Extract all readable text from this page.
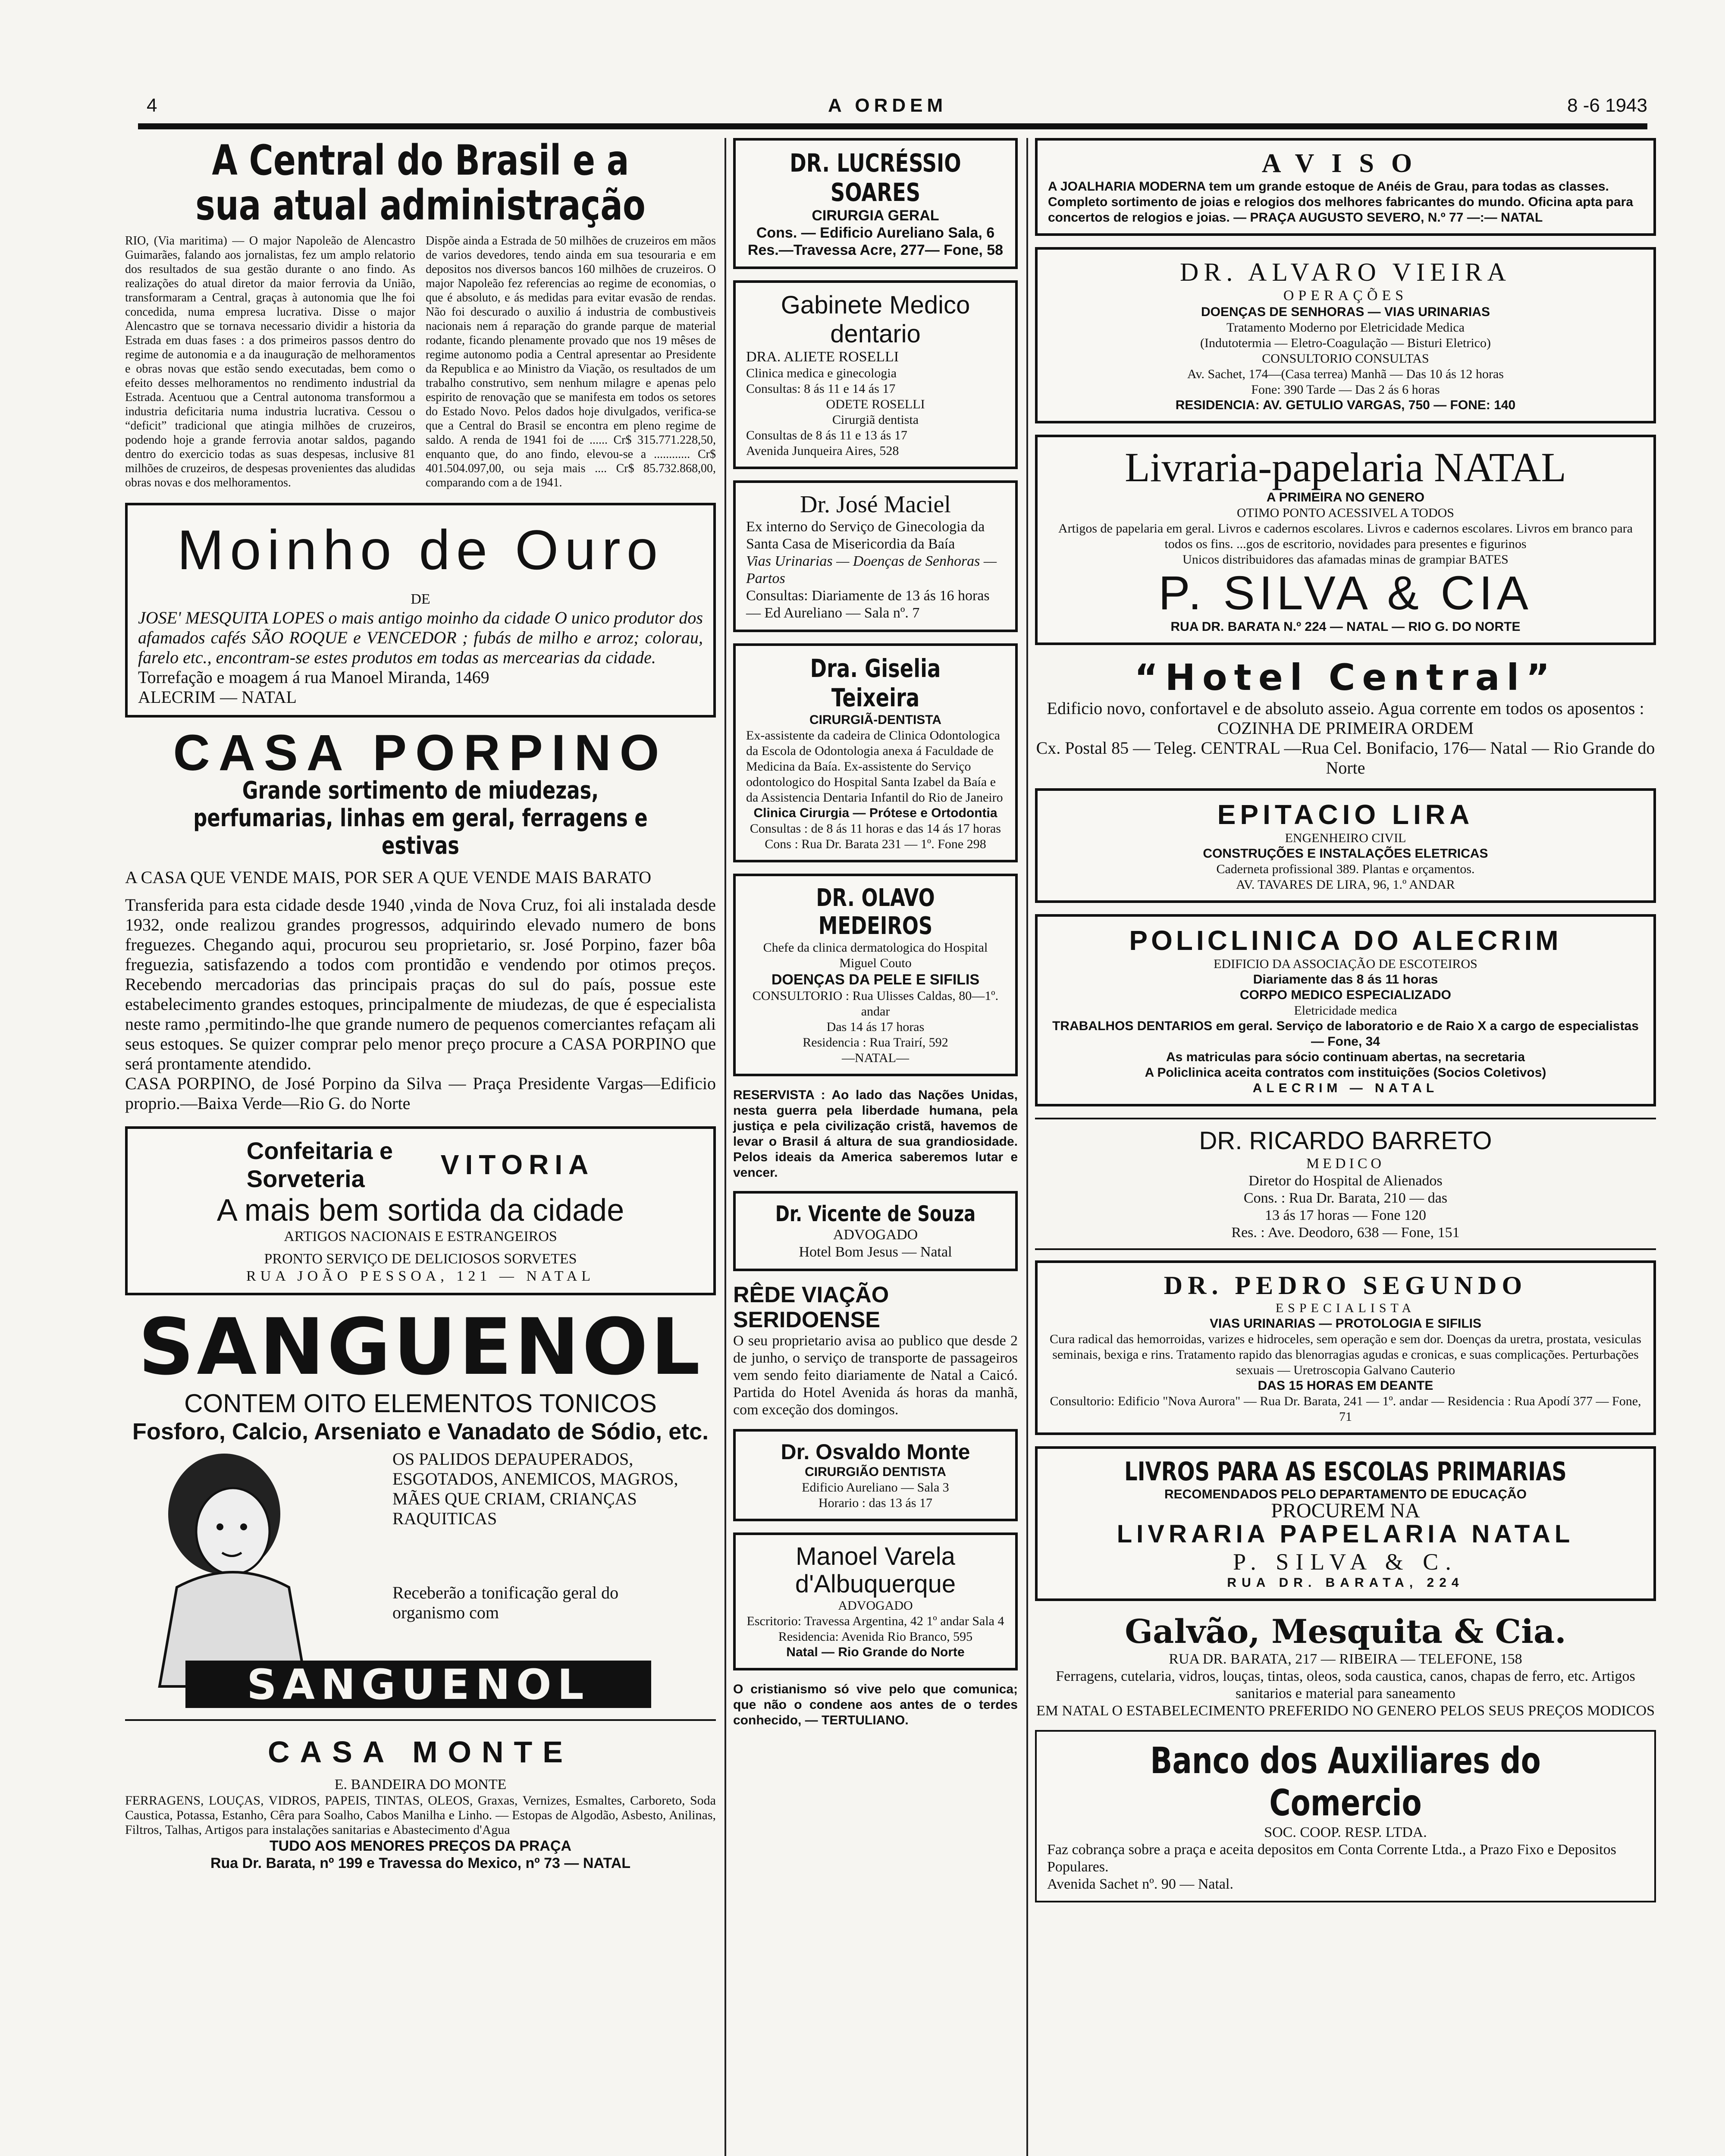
4	A ORDEM	8 -6 1943
A Central do Brasil e a sua atual administração
RIO, (Via maritima) — O major Napoleão de Alencastro Guimarães, falando aos jornalistas, fez um amplo relatorio dos resultados de sua gestão durante o ano findo. As realizações do atual diretor da maior ferrovia da União, transformaram a Central, graças à autonomia que lhe foi concedida, numa empresa lucrativa. Disse o major Alencastro que se tornava necessario dividir a historia da Estrada em duas fases : a dos primeiros passos dentro do regime de autonomia e a da inauguração de melhoramentos e obras novas que estão sendo executadas, bem como o efeito desses melhoramentos no rendimento industrial da Estrada. Acentuou que a Central autonoma transformou a industria deficitaria numa industria lucrativa. Cessou o “deficit” tradicional que atingia milhões de cruzeiros, podendo hoje a grande ferrovia anotar saldos, pagando dentro do exercicio todas as suas despesas, inclusive 81 milhões de cruzeiros, de despesas provenientes das aludidas obras novas e dos melhoramentos.
Dispõe ainda a Estrada de 50 milhões de cruzeiros em mãos de varios devedores, tendo ainda em sua tesouraria e em depositos nos diversos bancos 160 milhões de cruzeiros. O major Napoleão fez referencias ao regime de economias, o que é absoluto, e ás medidas para evitar evasão de rendas. Não foi descurado o auxilio á industria de combustiveis nacionais nem á reparação do grande parque de material rodante, ficando plenamente provado que nos 19 mêses de regime autonomo podia a Central apresentar ao Presidente da Republica e ao Ministro da Viação, os resultados de um trabalho construtivo, sem nenhum milagre e apenas pelo espirito de renovação que se manifesta em todos os setores do Estado Novo. Pelos dados hoje divulgados, verifica-se que a Central do Brasil se encontra em pleno regime de saldo. A renda de 1941 foi de ...... Cr$ 315.771.228,50, enquanto que, do ano findo, elevou-se a ............ Cr$ 401.504.097,00, ou seja mais .... Cr$ 85.732.868,00, comparando com a de 1941.
Moinho de Ouro
DE
JOSE' MESQUITA LOPES o mais antigo moinho da cidade O unico produtor dos afamados cafés SÃO ROQUE e VENCEDOR ; fubás de milho e arroz; colorau, farelo etc., encontram-se estes produtos em todas as mercearias da cidade.
Torrefação e moagem á rua Manoel Miranda, 1469
ALECRIM — NATAL
CASA PORPINO
Grande sortimento de miudezas, perfumarias, linhas em geral, ferragens e estivas
A CASA QUE VENDE MAIS, POR SER A QUE VENDE MAIS BARATO
Transferida para esta cidade desde 1940 ,vinda de Nova Cruz, foi ali instalada desde 1932, onde realizou grandes progressos, adquirindo elevado numero de bons freguezes. Chegando aqui, procurou seu proprietario, sr. José Porpino, fazer bôa freguezia, satisfazendo a todos com prontidão e vendendo por otimos preços. Recebendo mercadorias das principais praças do sul do país, possue este estabelecimento grandes estoques, principalmente de miudezas, de que é especialista neste ramo ,permitindo-lhe que grande numero de pequenos comerciantes refaçam ali seus estoques. Se quizer comprar pelo menor preço procure a CASA PORPINO que será prontamente atendido.
CASA PORPINO, de José Porpino da Silva — Praça Presidente Vargas—Edificio proprio.—Baixa Verde—Rio G. do Norte
Confeitaria e Sorveteria	VITORIA
A mais bem sortida da cidade
ARTIGOS NACIONAIS E ESTRANGEIROS
PRONTO SERVIÇO DE DELICIOSOS SORVETES
RUA JOÃO PESSOA, 121 — NATAL
SANGUENOL
CONTEM OITO ELEMENTOS TONICOS
Fosforo, Calcio, Arseniato e Vanadato de Sódio, etc.
OS PALIDOS DEPAUPERADOS, ESGOTADOS, ANEMICOS, MAGROS, MÃES QUE CRIAM, CRIANÇAS RAQUITICAS
Receberão a tonificação geral do organismo com
SANGUENOL
CASA MONTE
E. BANDEIRA DO MONTE
FERRAGENS, LOUÇAS, VIDROS, PAPEIS, TINTAS, OLEOS, Graxas, Vernizes, Esmaltes, Carboreto, Soda Caustica, Potassa, Estanho, Cêra para Soalho, Cabos Manilha e Linho. — Estopas de Algodão, Asbesto, Anilinas, Filtros, Talhas, Artigos para instalações sanitarias e Abastecimento d'Agua
TUDO AOS MENORES PREÇOS DA PRAÇA
Rua Dr. Barata, nº 199 e Travessa do Mexico, nº 73 — NATAL
DR. LUCRÉSSIO SOARES
CIRURGIA GERAL
Cons. — Edificio Aureliano Sala, 6
Res.—Travessa Acre, 277— Fone, 58
Gabinete Medico dentario
DRA. ALIETE ROSELLI
Clinica medica e ginecologia
Consultas: 8 ás 11 e 14 ás 17
ODETE ROSELLI
Cirurgiã dentista
Consultas de 8 ás 11 e 13 ás 17
Avenida Junqueira Aires, 528
Dr. José Maciel
Ex interno do Serviço de Ginecologia da Santa Casa de Misericordia da Baía
Vias Urinarias — Doenças de Senhoras — Partos
Consultas: Diariamente de 13 ás 16 horas — Ed Aureliano — Sala nº. 7
Dra. Giselia Teixeira
CIRURGIÃ-DENTISTA
Ex-assistente da cadeira de Clinica Odontologica da Escola de Odontologia anexa á Faculdade de Medicina da Baía. Ex-assistente do Serviço odontologico do Hospital Santa Izabel da Baía e da Assistencia Dentaria Infantil do Rio de Janeiro
Clinica Cirurgia — Prótese e Ortodontia
Consultas : de 8 ás 11 horas e das 14 ás 17 horas
Cons : Rua Dr. Barata 231 — 1º. Fone 298
DR. OLAVO MEDEIROS
Chefe da clinica dermatologica do Hospital Miguel Couto
DOENÇAS DA PELE E SIFILIS
CONSULTORIO : Rua Ulisses Caldas, 80—1º. andar
Das 14 ás 17 horas
Residencia : Rua Trairí, 592
—NATAL—
RESERVISTA : Ao lado das Nações Unidas, nesta guerra pela liberdade humana, pela justiça e pela civilização cristã, havemos de levar o Brasil á altura de sua grandiosidade. Pelos ideais da America saberemos lutar e vencer.
Dr. Vicente de Souza
ADVOGADO
Hotel Bom Jesus — Natal
RÊDE VIAÇÃO SERIDOENSE
O seu proprietario avisa ao publico que desde 2 de junho, o serviço de transporte de passageiros vem sendo feito diariamente de Natal a Caicó. Partida do Hotel Avenida ás horas da manhã, com exceção dos domingos.
Dr. Osvaldo Monte
CIRURGIÃO DENTISTA
Edificio Aureliano — Sala 3
Horario : das 13 ás 17
Manoel Varela d'Albuquerque
ADVOGADO
Escritorio: Travessa Argentina, 42 1º andar Sala 4
Residencia: Avenida Rio Branco, 595
Natal — Rio Grande do Norte
O cristianismo só vive pelo que comunica; que não o condene aos antes de o terdes conhecido, — TERTULIANO.
AVISO
A JOALHARIA MODERNA tem um grande estoque de Anéis de Grau, para todas as classes. Completo sortimento de joias e relogios dos melhores fabricantes do mundo. Oficina apta para concertos de relogios e joias. — PRAÇA AUGUSTO SEVERO, N.º 77 —:— NATAL
DR. ALVARO VIEIRA
OPERAÇÕES
DOENÇAS DE SENHORAS — VIAS URINARIAS
Tratamento Moderno por Eletricidade Medica
(Indutotermia — Eletro-Coagulação — Bisturi Eletrico)
CONSULTORIO CONSULTAS
Av. Sachet, 174—(Casa terrea) Manhã — Das 10 ás 12 horas
Fone: 390 Tarde — Das 2 ás 6 horas
RESIDENCIA: AV. GETULIO VARGAS, 750 — FONE: 140
Livraria-papelaria NATAL
A PRIMEIRA NO GENERO
OTIMO PONTO ACESSIVEL A TODOS
Artigos de papelaria em geral. Livros e cadernos escolares. Livros e cadernos escolares. Livros em branco para todos os fins. ...gos de escritorio, novidades para presentes e figurinos
Unicos distribuidores das afamadas minas de grampiar BATES
P. SILVA & CIA
RUA DR. BARATA N.º 224 — NATAL — RIO G. DO NORTE
“Hotel Central”
Edificio novo, confortavel e de absoluto asseio. Agua corrente em todos os aposentos : COZINHA DE PRIMEIRA ORDEM
Cx. Postal 85 — Teleg. CENTRAL —Rua Cel. Bonifacio, 176— Natal — Rio Grande do Norte
EPITACIO LIRA
ENGENHEIRO CIVIL
CONSTRUÇÕES E INSTALAÇÕES ELETRICAS
Caderneta profissional 389. Plantas e orçamentos.
AV. TAVARES DE LIRA, 96, 1.º ANDAR
POLICLINICA DO ALECRIM
EDIFICIO DA ASSOCIAÇÃO DE ESCOTEIROS
Diariamente das 8 ás 11 horas
CORPO MEDICO ESPECIALIZADO
Eletricidade medica
TRABALHOS DENTARIOS em geral. Serviço de laboratorio e de Raio X a cargo de especialistas — Fone, 34
As matriculas para sócio continuam abertas, na secretaria
A Policlinica aceita contratos com instituições (Socios Coletivos)
ALECRIM — NATAL
DR. RICARDO BARRETO
MEDICO
Diretor do Hospital de Alienados
Cons. : Rua Dr. Barata, 210 — das
13 ás 17 horas — Fone 120
Res. : Ave. Deodoro, 638 — Fone, 151
DR. PEDRO SEGUNDO
ESPECIALISTA
VIAS URINARIAS — PROTOLOGIA E SIFILIS
Cura radical das hemorroidas, varizes e hidroceles, sem operação e sem dor. Doenças da uretra, prostata, vesiculas seminais, bexiga e rins. Tratamento rapido das blenorragias agudas e cronicas, e suas complicações. Perturbações sexuais — Uretroscopia Galvano Cauterio
DAS 15 HORAS EM DEANTE
Consultorio: Edificio "Nova Aurora" — Rua Dr. Barata, 241 — 1º. andar — Residencia : Rua Apodí 377 — Fone, 71
LIVROS PARA AS ESCOLAS PRIMARIAS
RECOMENDADOS PELO DEPARTAMENTO DE EDUCAÇÃO
PROCUREM NA
LIVRARIA PAPELARIA NATAL
P. SILVA & C.
RUA DR. BARATA, 224
Galvão, Mesquita & Cia.
RUA DR. BARATA, 217 — RIBEIRA — TELEFONE, 158
Ferragens, cutelaria, vidros, louças, tintas, oleos, soda caustica, canos, chapas de ferro, etc. Artigos sanitarios e material para saneamento
EM NATAL O ESTABELECIMENTO PREFERIDO NO GENERO PELOS SEUS PREÇOS MODICOS
Banco dos Auxiliares do Comercio
SOC. COOP. RESP. LTDA.
Faz cobrança sobre a praça e aceita depositos em Conta Corrente Ltda., a Prazo Fixo e Depositos Populares.
Avenida Sachet nº. 90 — Natal.
